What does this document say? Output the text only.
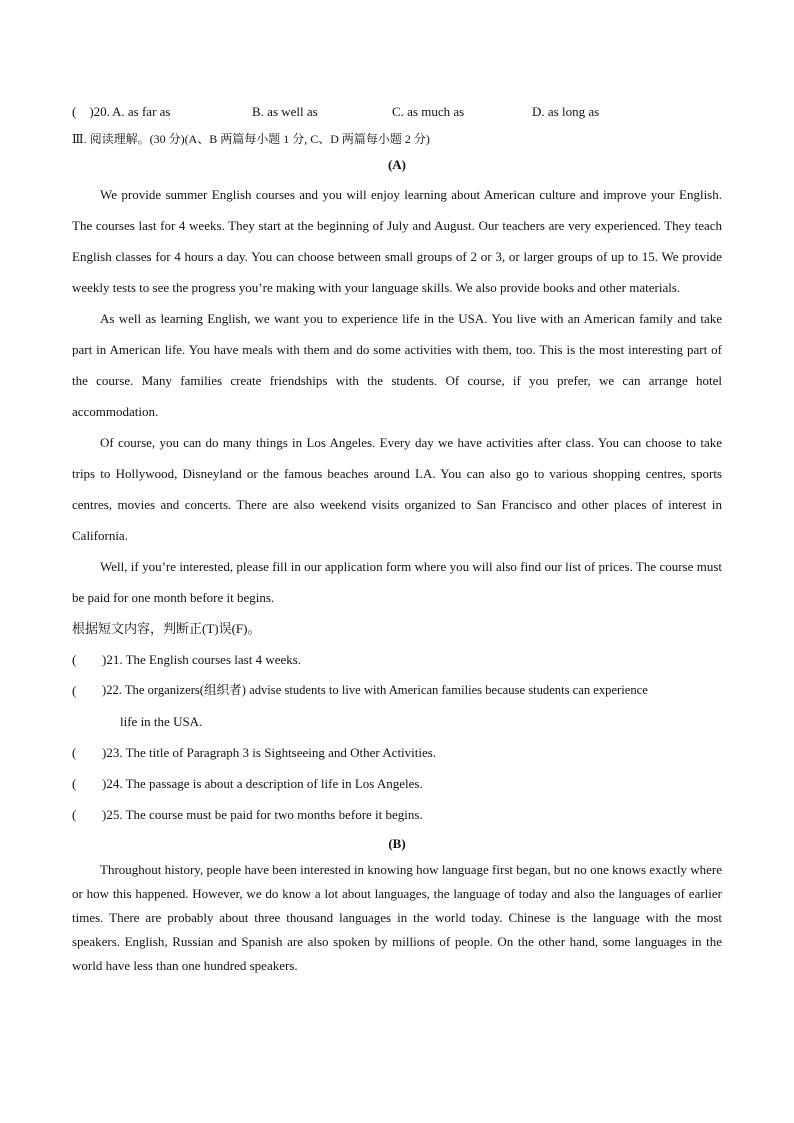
( )20. A. as far as	B. as well as	C. as much as	D. as long as
Ⅲ. 阅读理解。(30 分)(A、B 两篇每小题 1 分, C、D 两篇每小题 2 分)
(A)

We provide summer English courses and you will enjoy learning about American culture and improve your English. The courses last for 4 weeks. They start at the beginning of July and August. Our teachers are very experienced. They teach English classes for 4 hours a day. You can choose between small groups of 2 or 3, or larger groups of up to 15. We provide weekly tests to see the progress you’re making with your language skills. We also provide books and other materials.

As well as learning English, we want you to experience life in the USA. You live with an American family and take part in American life. You have meals with them and do some activities with them, too. This is the most interesting part of the course. Many families create friendships with the students. Of course, if you prefer, we can arrange hotel accommodation.

Of course, you can do many things in Los Angeles. Every day we have activities after class. You can choose to take trips to Hollywood, Disneyland or the famous beaches around LA. You can also go to various shopping centres, sports centres, movies and concerts. There are also weekend visits organized to San Francisco and other places of interest in California.

Well, if you’re interested, please fill in our application form where you will also find our list of prices. The course must be paid for one month before it begins.

根据短文内容，判断正(T)误(F)。
(	)21. The English courses last 4 weeks.
(	)22. The organizers(组织者) advise students to live with American families because students can experience
life in the USA.
(	)23. The title of Paragraph 3 is Sightseeing and Other Activities.
(	)24. The passage is about a description of life in Los Angeles.
(	)25. The course must be paid for two months before it begins.
(B)

Throughout history, people have been interested in knowing how language first began, but no one knows exactly where or how this happened. However, we do know a lot about languages, the language of today and also the languages of earlier times. There are probably about three thousand languages in the world today. Chinese is the language with the most speakers. English, Russian and Spanish are also spoken by millions of people. On the other hand, some languages in the world have less than one hundred speakers.
